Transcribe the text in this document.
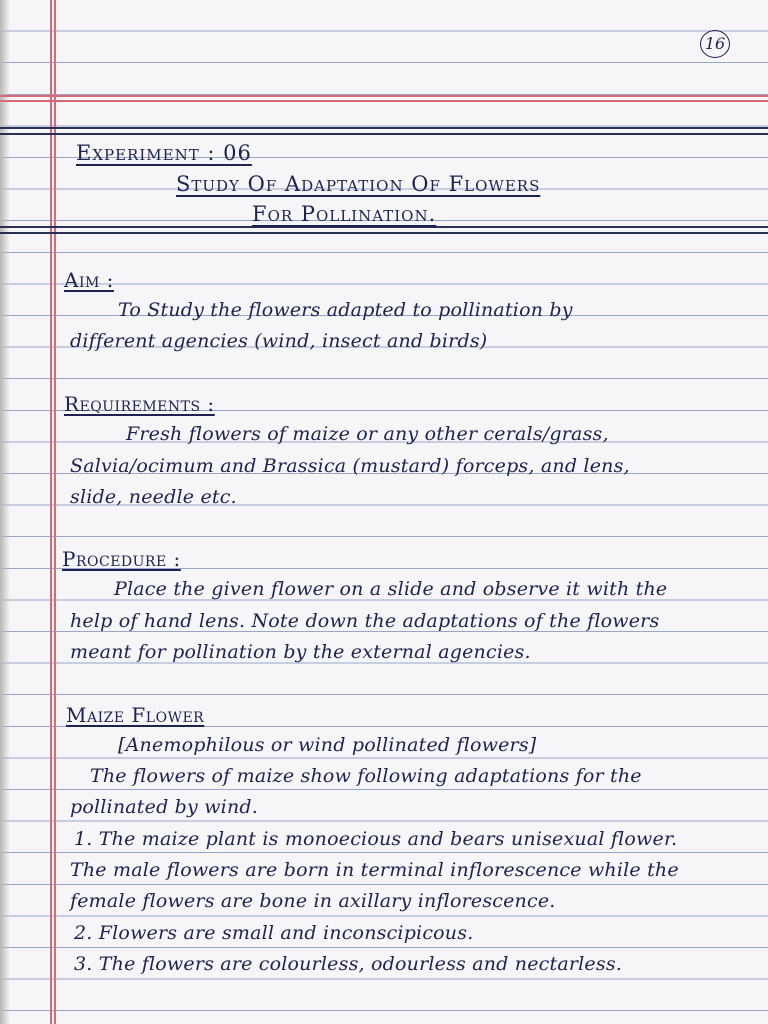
16
Experiment : 06
Study Of Adaptation Of Flowers
For Pollination.
Aim :
To Study the flowers adapted to pollination by
different agencies (wind, insect and birds)
Requirements :
Fresh flowers of maize or any other cerals/grass,
Salvia/ocimum and Brassica (mustard) forceps, and lens,
slide, needle etc.
Procedure :
Place the given flower on a slide and observe it with the
help of hand lens. Note down the adaptations of the flowers
meant for pollination by the external agencies.
Maize Flower
[Anemophilous or wind pollinated flowers]
The flowers of maize show following adaptations for the
pollinated by wind.
1. The maize plant is monoecious and bears unisexual flower.
The male flowers are born in terminal inflorescence while the
female flowers are bone in axillary inflorescence.
2. Flowers are small and inconscipicous.
3. The flowers are colourless, odourless and nectarless.
